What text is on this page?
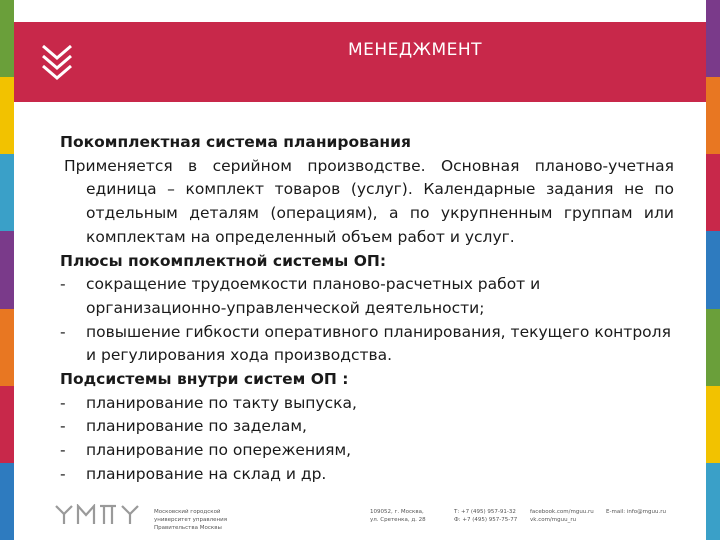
МЕНЕДЖМЕНТ

Покомплектная система планирования

Применяется в серийном производстве. Основная планово-учетная единица – комплект товаров (услуг). Календарные задания не по отдельным деталям (операциям), а по укрупненным группам или комплектам на определенный объем работ и услуг.

Плюсы покомплектной системы ОП:

-	сокращение трудоемкости планово-расчетных работ и организационно-управленческой деятельности;
-	повышение гибкости оперативного планирования, текущего контроля и регулирования хода производства.

Подсистемы внутри систем ОП :

-	планирование по такту выпуска,
-	планирование по заделам,
-	планирование по опережениям,
-	планирование на склад и др.
Московский городской
университет управления
Правительства Москвы
109052, г. Москва,
ул. Сретенка, д. 28
Т: +7 (495) 957-91-32
Ф: +7 (495) 957-75-77
facebook.com/mguu.ru
vk.com/mguu_ru
E-mail: info@mguu.ru
